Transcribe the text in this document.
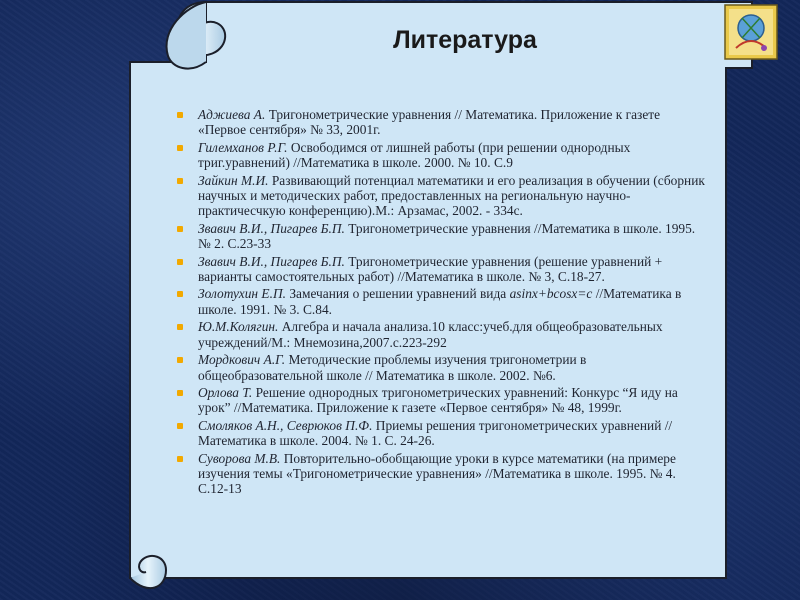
Литература
Аджиева А. Тригонометрические уравнения // Математика. Приложение к газете «Первое сентября» № 33, 2001г.
Гилемханов Р.Г. Освободимся от лишней работы (при решении однородных триг.уравнений) //Математика в школе. 2000. № 10. С.9
Зайкин М.И. Развивающий потенциал математики и его реализация в обучении (сборник научных и методических работ, предоставленных на региональную научно-практичесчкую конференцию).М.: Арзамас, 2002. - 334с.
Звавич В.И., Пигарев Б.П. Тригонометрические уравнения //Математика в школе. 1995. № 2. С.23-33
Звавич В.И., Пигарев Б.П. Тригонометрические уравнения (решение уравнений + варианты самостоятельных работ) //Математика в школе. № 3, С.18-27.
Золотухин Е.П. Замечания о решении уравнений вида asinx+bcosx=c //Математика в школе. 1991. № 3. С.84.
Ю.М.Колягин. Алгебра и начала анализа.10 класс:учеб.для общеобразовательных учреждений/М.: Мнемозина,2007.с.223-292
Мордкович А.Г. Методические проблемы изучения тригонометрии в общеобразовательной школе // Математика в школе. 2002. №6.
Орлова Т. Решение однородных тригонометрических уравнений: Конкурс “Я иду на урок” //Математика. Приложение к газете «Первое сентября» № 48, 1999г.
Смоляков А.Н., Севрюков П.Ф. Приемы решения тригонометрических уравнений //Математика в школе. 2004. № 1. С. 24-26.
Суворова М.В. Повторительно-обобщающие уроки в курсе математики (на примере изучения темы «Тригонометрические уравнения» //Математика в школе. 1995. № 4. С.12-13
